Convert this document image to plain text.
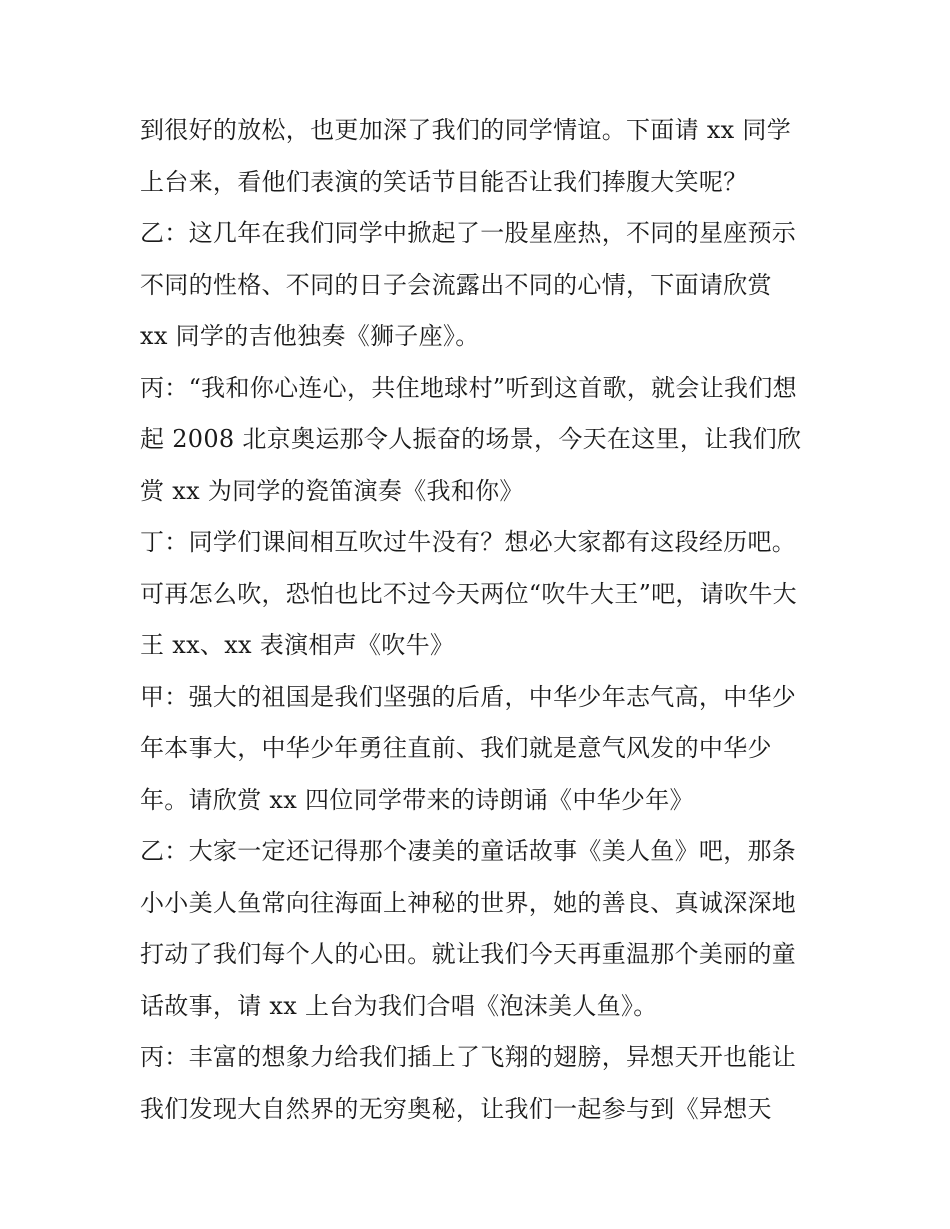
到很好的放松，也更加深了我们的同学情谊。下面请 xx 同学
上台来，看他们表演的笑话节目能否让我们捧腹大笑呢？
乙：这几年在我们同学中掀起了一股星座热，不同的星座预示
不同的性格、不同的日子会流露出不同的心情，下面请欣赏
xx 同学的吉他独奏《狮子座》。
丙：“我和你心连心，共住地球村”听到这首歌，就会让我们想
起 2008 北京奥运那令人振奋的场景，今天在这里，让我们欣
赏 xx 为同学的瓷笛演奏《我和你》
丁：同学们课间相互吹过牛没有？想必大家都有这段经历吧。
可再怎么吹，恐怕也比不过今天两位“吹牛大王”吧，请吹牛大
王 xx、xx 表演相声《吹牛》
甲：强大的祖国是我们坚强的后盾，中华少年志气高，中华少
年本事大，中华少年勇往直前、我们就是意气风发的中华少
年。请欣赏 xx 四位同学带来的诗朗诵《中华少年》
乙：大家一定还记得那个凄美的童话故事《美人鱼》吧，那条
小小美人鱼常向往海面上神秘的世界，她的善良、真诚深深地
打动了我们每个人的心田。就让我们今天再重温那个美丽的童
话故事，请 xx 上台为我们合唱《泡沫美人鱼》。
丙：丰富的想象力给我们插上了飞翔的翅膀，异想天开也能让
我们发现大自然界的无穷奥秘，让我们一起参与到《异想天
